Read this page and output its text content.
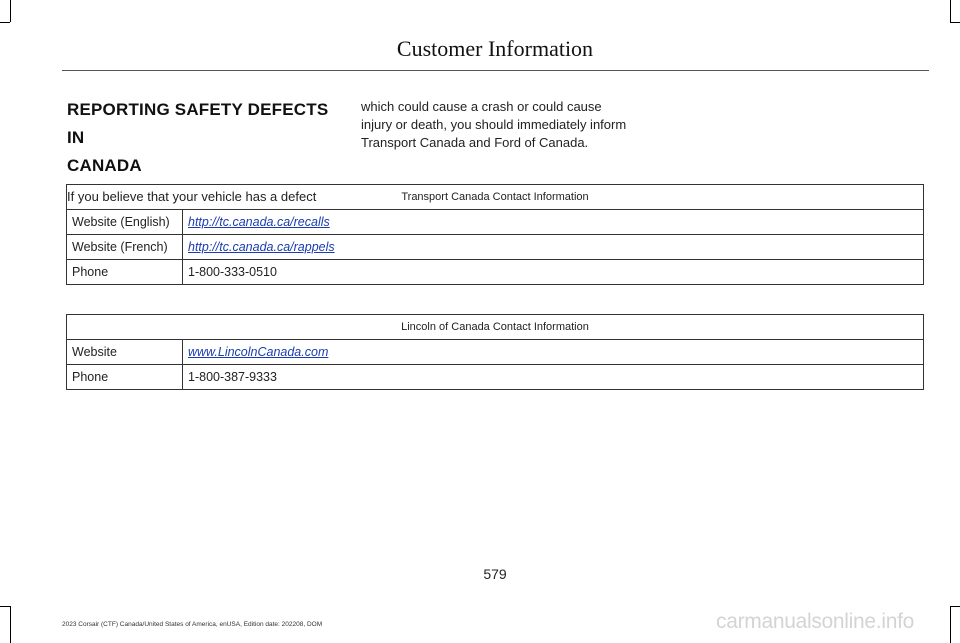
Customer Information
REPORTING SAFETY DEFECTS IN
CANADA
If you believe that your vehicle has a defect
which could cause a crash or could cause injury or death, you should immediately inform Transport Canada and Ford of Canada.
Transport Canada Contact Information	
Website (English)	http://tc.canada.ca/recalls
Website (French)	http://tc.canada.ca/rappels
Phone	1-800-333-0510
Lincoln of Canada Contact Information	
Website	www.LincolnCanada.com
Phone	1-800-387-9333
579
2023 Corsair (CTF) Canada/United States of America, enUSA, Edition date: 202208, DOM	carmanualsonline.info
